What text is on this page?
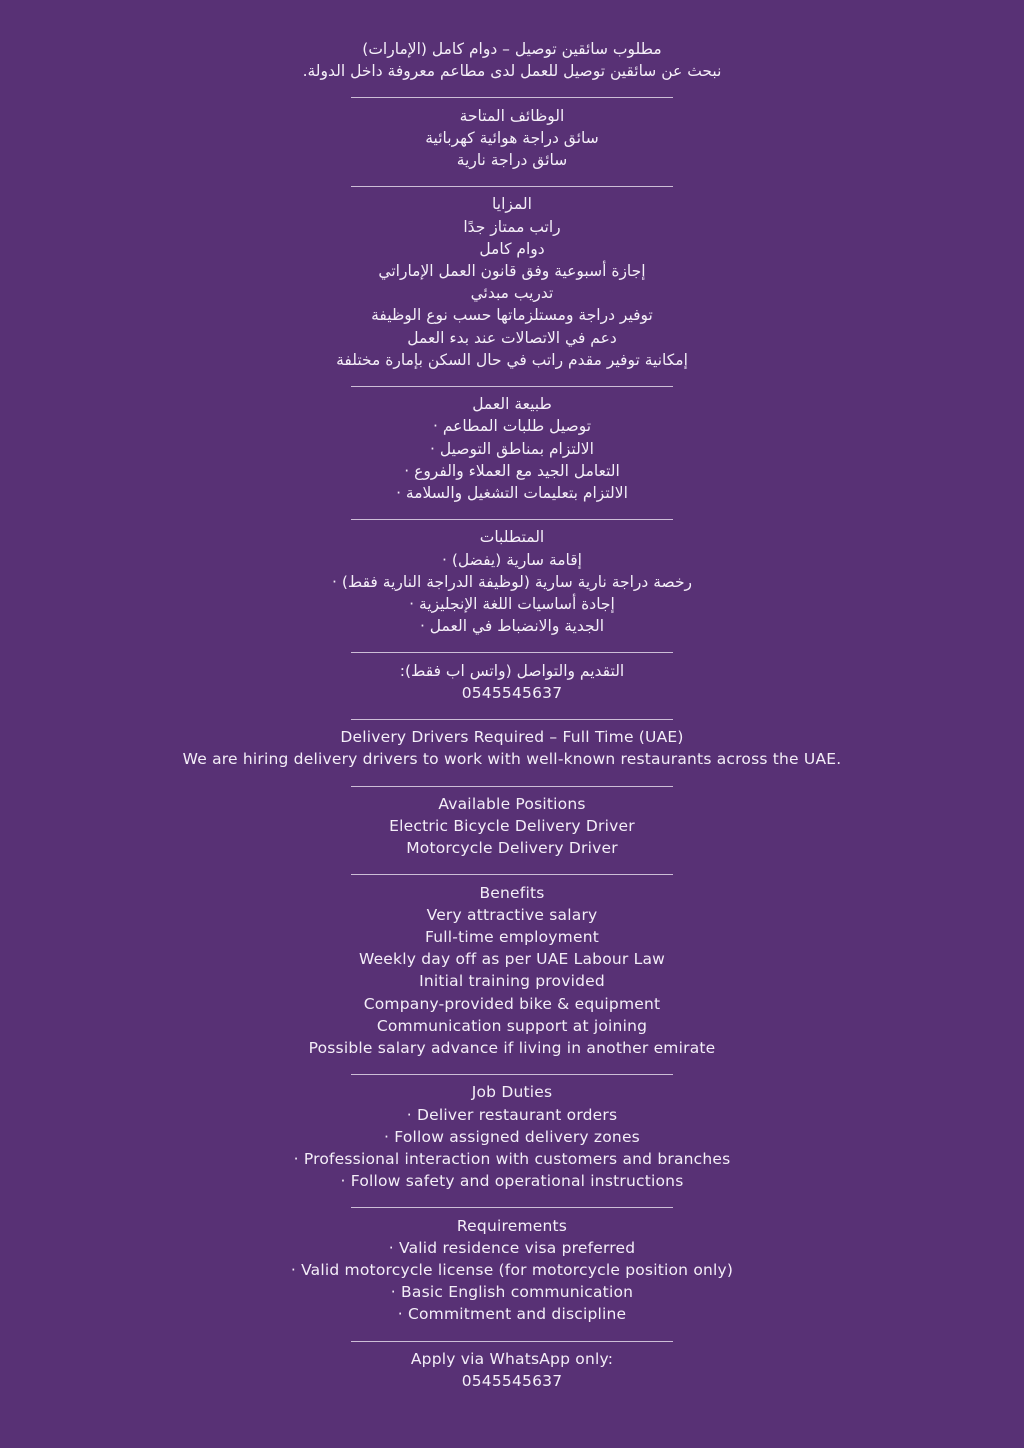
مطلوب سائقين توصيل – دوام كامل (الإمارات)
نبحث عن سائقين توصيل للعمل لدى مطاعم معروفة داخل الدولة.
الوظائف المتاحة
سائق دراجة هوائية كهربائية
سائق دراجة نارية
المزايا
راتب ممتاز جدًا
دوام كامل
إجازة أسبوعية وفق قانون العمل الإماراتي
تدريب مبدئي
توفير دراجة ومستلزماتها حسب نوع الوظيفة
دعم في الاتصالات عند بدء العمل
إمكانية توفير مقدم راتب في حال السكن بإمارة مختلفة
طبيعة العمل
توصيل طلبات المطاعم ·
الالتزام بمناطق التوصيل ·
التعامل الجيد مع العملاء والفروع ·
الالتزام بتعليمات التشغيل والسلامة ·
المتطلبات
إقامة سارية (يفضل) ·
رخصة دراجة نارية سارية (لوظيفة الدراجة النارية فقط) ·
إجادة أساسيات اللغة الإنجليزية ·
الجدية والانضباط في العمل ·
التقديم والتواصل (واتس اب فقط):
0545545637
Delivery Drivers Required – Full Time (UAE)
We are hiring delivery drivers to work with well-known restaurants across the UAE.
Available Positions
Electric Bicycle Delivery Driver
Motorcycle Delivery Driver
Benefits
Very attractive salary
Full-time employment
Weekly day off as per UAE Labour Law
Initial training provided
Company-provided bike & equipment
Communication support at joining
Possible salary advance if living in another emirate
Job Duties
· Deliver restaurant orders
· Follow assigned delivery zones
· Professional interaction with customers and branches
· Follow safety and operational instructions
Requirements
· Valid residence visa preferred
· Valid motorcycle license (for motorcycle position only)
· Basic English communication
· Commitment and discipline
Apply via WhatsApp only:
0545545637
